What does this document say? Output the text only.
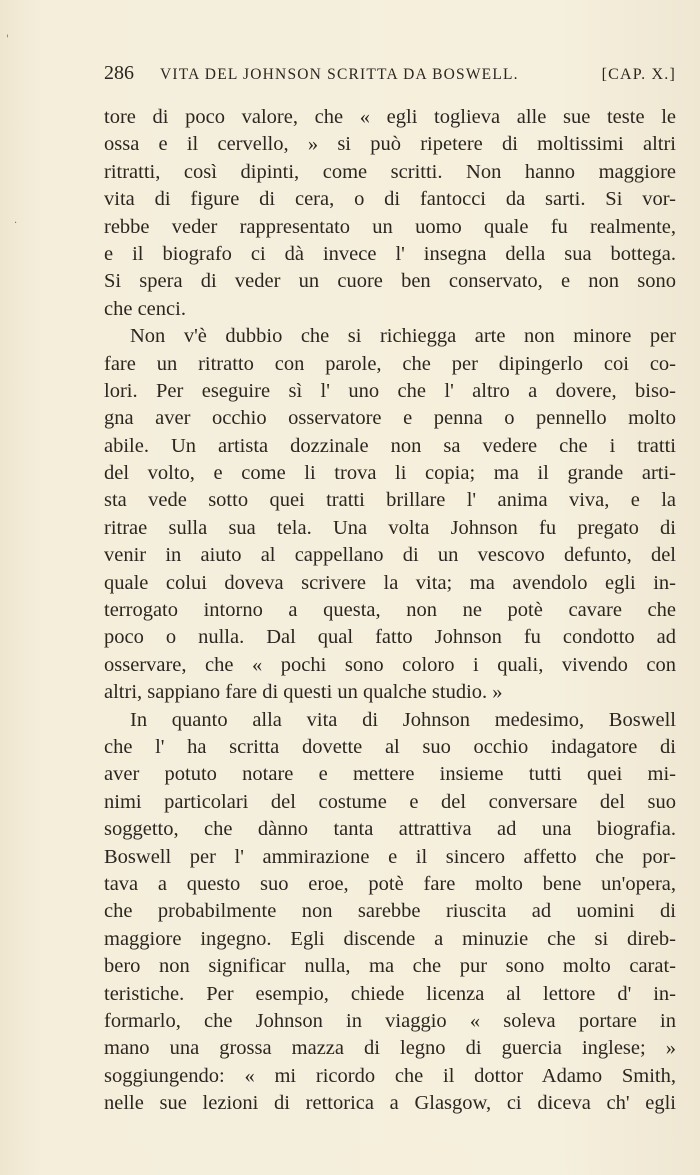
'
·
286 VITA DEL JOHNSON SCRITTA DA BOSWELL.	[CAP. X.]
tore di poco valore, che « egli toglieva alle sue teste le
ossa e il cervello, » si può ripetere di moltissimi altri
ritratti, così dipinti, come scritti. Non hanno maggiore
vita di figure di cera, o di fantocci da sarti. Si vor-
rebbe veder rappresentato un uomo quale fu realmente,
e il biografo ci dà invece l' insegna della sua bottega.
Si spera di veder un cuore ben conservato, e non sono
che cenci.
Non v'è dubbio che si richiegga arte non minore per
fare un ritratto con parole, che per dipingerlo coi co-
lori. Per eseguire sì l' uno che l' altro a dovere, biso-
gna aver occhio osservatore e penna o pennello molto
abile. Un artista dozzinale non sa vedere che i tratti
del volto, e come li trova li copia; ma il grande arti-
sta vede sotto quei tratti brillare l' anima viva, e la
ritrae sulla sua tela. Una volta Johnson fu pregato di
venir in aiuto al cappellano di un vescovo defunto, del
quale colui doveva scrivere la vita; ma avendolo egli in-
terrogato intorno a questa, non ne potè cavare che
poco o nulla. Dal qual fatto Johnson fu condotto ad
osservare, che « pochi sono coloro i quali, vivendo con
altri, sappiano fare di questi un qualche studio. »
In quanto alla vita di Johnson medesimo, Boswell
che l' ha scritta dovette al suo occhio indagatore di
aver potuto notare e mettere insieme tutti quei mi-
nimi particolari del costume e del conversare del suo
soggetto, che dànno tanta attrattiva ad una biografia.
Boswell per l' ammirazione e il sincero affetto che por-
tava a questo suo eroe, potè fare molto bene un'opera,
che probabilmente non sarebbe riuscita ad uomini di
maggiore ingegno. Egli discende a minuzie che si direb-
bero non significar nulla, ma che pur sono molto carat-
teristiche. Per esempio, chiede licenza al lettore d' in-
formarlo, che Johnson in viaggio « soleva portare in
mano una grossa mazza di legno di guercia inglese; »
soggiungendo: « mi ricordo che il dottor Adamo Smith,
nelle sue lezioni di rettorica a Glasgow, ci diceva ch' egli
